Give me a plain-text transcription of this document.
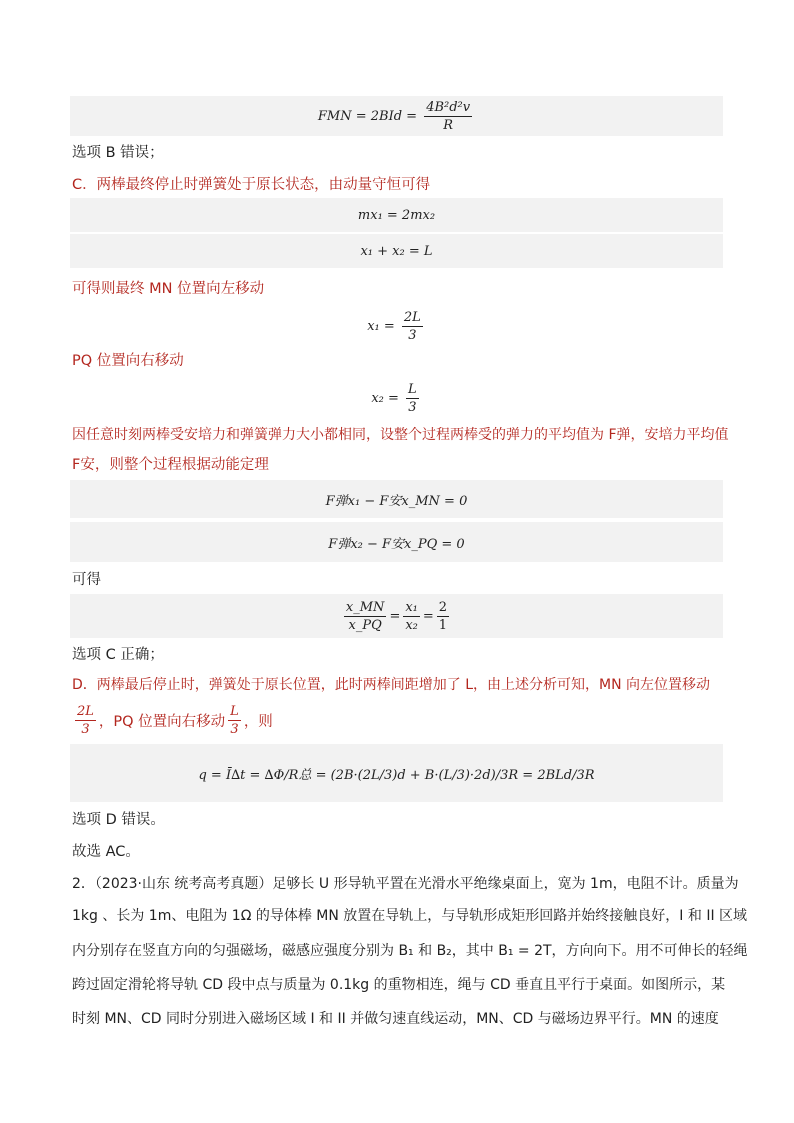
F MN = $2BId = \frac{\text{4B²d²v}}{R}$
选项 B 错误；
C．两棒最终停止时弹簧处于原长状态，由动量守恒可得
mx₁ = 2mx₂
x₁ + x₂ = L
可得则最终 MN 位置向左移动
$x_1 = \frac{2L}{3}$
PQ 位置向右移动
$x_2 = \frac{L}{3}$
因任意时刻两棒受安培力和弹簧弹力大小都相同，设整个过程两棒受的弹力的平均值为 F弹，安培力平均值
F安，则整个过程根据动能定理
F弹x₁ − F安x_MN = 0
F弹x₂ − F安x_PQ = 0
可得
$\frac{x\_MN}{x\_PQ} = \frac{\text{x₁}}{\text{x₂}} = \frac{2}{1}$
选项 C 正确；
D．两棒最后停止时，弹簧处于原长位置，此时两棒间距增加了 L，由上述分析可知，MN 向左位置移动
$\frac{2L}{3}$ ，PQ 位置向右移动 $\frac{L}{3}$ ，则
q = Ī∆t = ∆Φ/R总 = (2B·(2L/3)d + B·(L/3)·2d)/3R = 2BLd/3R
选项 D 错误。
故选 AC。
2．（2023·山东 统考高考真题）足够长 U 形导轨平置在光滑水平绝缘桌面上，宽为 1m，电阻不计。质量为
1kg 、长为 1m、电阻为 1Ω 的导体棒 MN 放置在导轨上，与导轨形成矩形回路并始终接触良好，I 和 II 区域
内分别存在竖直方向的匀强磁场，磁感应强度分别为 B₁ 和 B₂，其中 B₁ = 2T，方向向下。用不可伸长的轻绳
跨过固定滑轮将导轨 CD 段中点与质量为 0.1kg 的重物相连，绳与 CD 垂直且平行于桌面。如图所示，某
时刻 MN、CD 同时分别进入磁场区域 I 和 II 并做匀速直线运动，MN、CD 与磁场边界平行。MN 的速度
